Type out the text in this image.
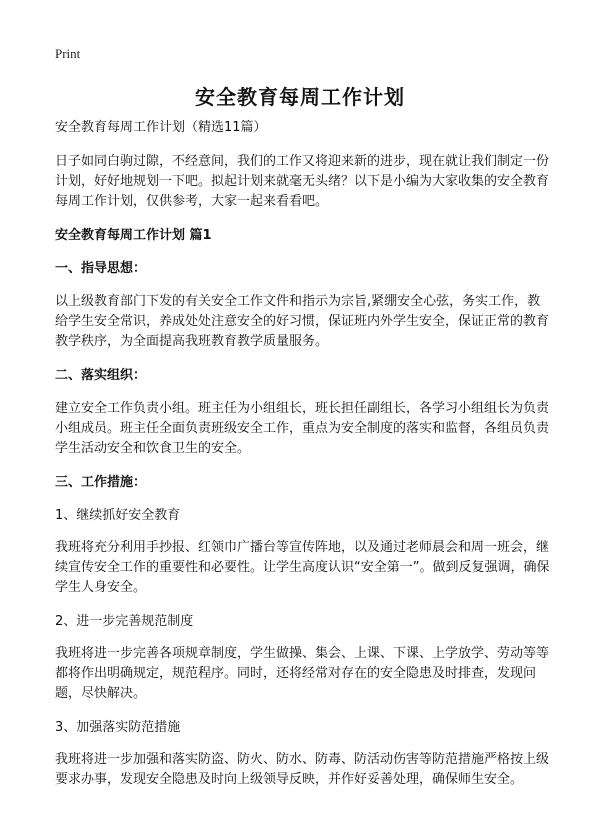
Print
安全教育每周工作计划

安全教育每周工作计划（精选11篇）

日子如同白驹过隙，不经意间，我们的工作又将迎来新的进步，现在就让我们制定一份计划，好好地规划一下吧。拟起计划来就毫无头绪？以下是小编为大家收集的安全教育每周工作计划，仅供参考，大家一起来看看吧。

安全教育每周工作计划 篇1

一、指导思想：

以上级教育部门下发的有关安全工作文件和指示为宗旨,紧绷安全心弦，务实工作，教给学生安全常识，养成处处注意安全的好习惯，保证班内外学生安全，保证正常的教育教学秩序，为全面提高我班教育教学质量服务。

二、落实组织：

建立安全工作负责小组。班主任为小组组长，班长担任副组长，各学习小组组长为负责小组成员。班主任全面负责班级安全工作，重点为安全制度的落实和监督，各组员负责学生活动安全和饮食卫生的安全。

三、工作措施：

1、继续抓好安全教育

我班将充分利用手抄报、红领巾广播台等宣传阵地，以及通过老师晨会和周一班会，继续宣传安全工作的重要性和必要性。让学生高度认识“安全第一”。做到反复强调，确保学生人身安全。

2、进一步完善规范制度

我班将进一步完善各项规章制度，学生做操、集会、上课、下课、上学放学、劳动等等都将作出明确规定，规范程序。同时，还将经常对存在的安全隐患及时排查，发现问题，尽快解决。

3、加强落实防范措施

我班将进一步加强和落实防盗、防火、防水、防毒、防活动伤害等防范措施严格按上级要求办事，发现安全隐患及时向上级领导反映，并作好妥善处理，确保师生安全。
